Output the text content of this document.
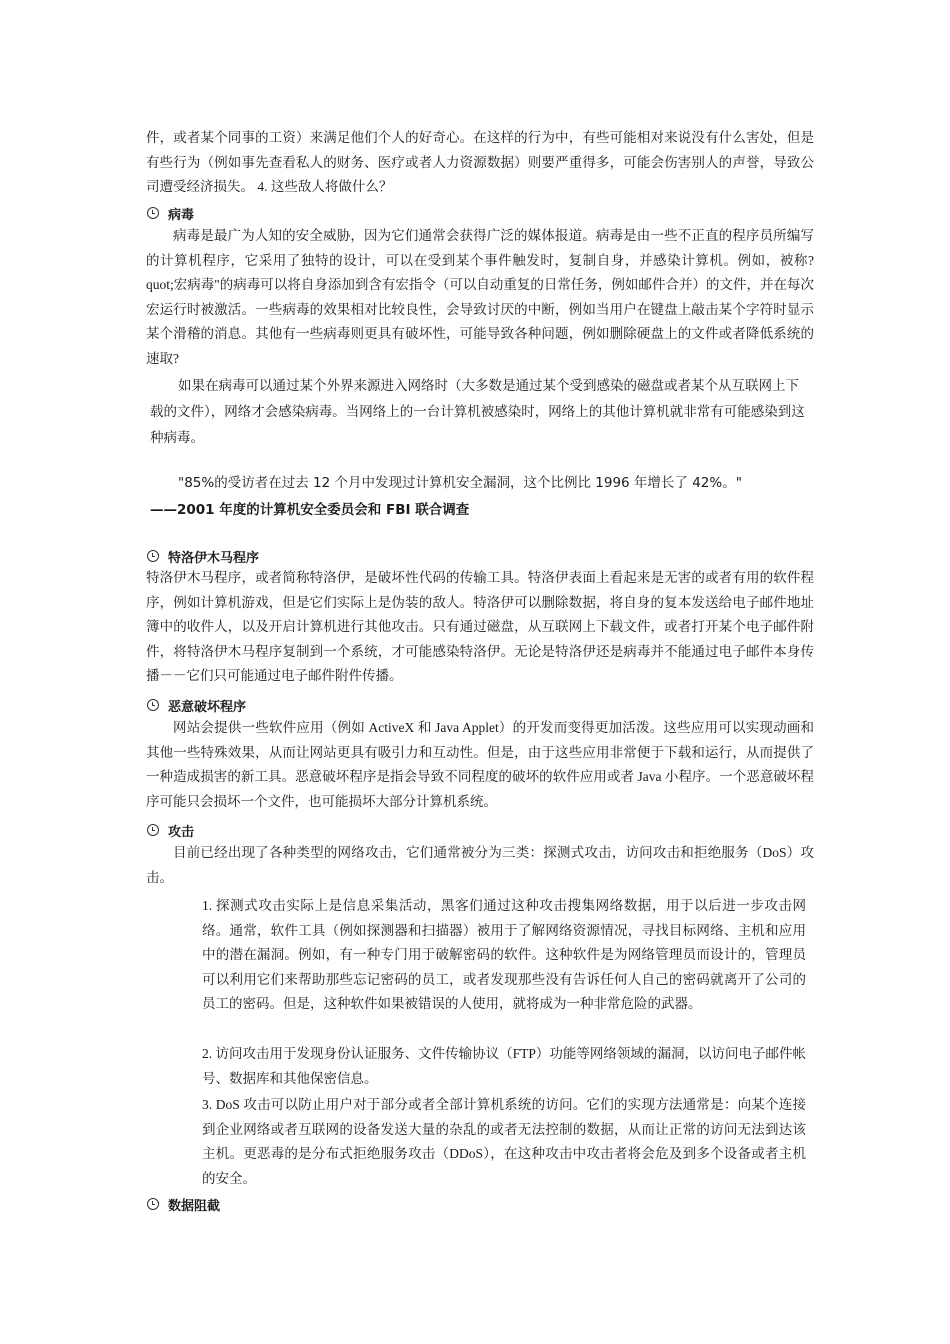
件，或者某个同事的工资）来满足他们个人的好奇心。在这样的行为中，有些可能相对来说没有什么害处，但是有些行为（例如事先查看私人的财务、医疗或者人力资源数据）则要严重得多，可能会伤害别人的声誉，导致公司遭受经济损失。 4. 这些敌人将做什么？

病毒

病毒是最广为人知的安全威胁，因为它们通常会获得广泛的媒体报道。病毒是由一些不正直的程序员所编写的计算机程序，它采用了独特的设计，可以在受到某个事件触发时，复制自身，并感染计算机。例如，被称?quot;宏病毒"的病毒可以将自身添加到含有宏指令（可以自动重复的日常任务，例如邮件合并）的文件，并在每次宏运行时被激活。一些病毒的效果相对比较良性，会导致讨厌的中断，例如当用户在键盘上敲击某个字符时显示某个滑稽的消息。其他有一些病毒则更具有破坏性，可能导致各种问题，例如删除硬盘上的文件或者降低系统的速取?

如果在病毒可以通过某个外界来源进入网络时（大多数是通过某个受到感染的磁盘或者某个从互联网上下载的文件），网络才会感染病毒。当网络上的一台计算机被感染时，网络上的其他计算机就非常有可能感染到这种病毒。

"85%的受访者在过去 12 个月中发现过计算机安全漏洞，这个比例比 1996 年增长了 42%。"

——2001 年度的计算机安全委员会和 FBI 联合调查

特洛伊木马程序

特洛伊木马程序，或者简称特洛伊，是破坏性代码的传输工具。特洛伊表面上看起来是无害的或者有用的软件程序，例如计算机游戏，但是它们实际上是伪装的敌人。特洛伊可以删除数据，将自身的复本发送给电子邮件地址簿中的收件人，以及开启计算机进行其他攻击。只有通过磁盘，从互联网上下载文件，或者打开某个电子邮件附件，将特洛伊木马程序复制到一个系统，才可能感染特洛伊。无论是特洛伊还是病毒并不能通过电子邮件本身传播－－它们只可能通过电子邮件附件传播。

恶意破坏程序

网站会提供一些软件应用（例如 ActiveX 和 Java Applet）的开发而变得更加活泼。这些应用可以实现动画和其他一些特殊效果，从而让网站更具有吸引力和互动性。但是，由于这些应用非常便于下载和运行，从而提供了一种造成损害的新工具。恶意破坏程序是指会导致不同程度的破坏的软件应用或者 Java 小程序。一个恶意破坏程序可能只会损坏一个文件，也可能损坏大部分计算机系统。

攻击

目前已经出现了各种类型的网络攻击，它们通常被分为三类：探测式攻击，访问攻击和拒绝服务（DoS）攻击。

1. 探测式攻击实际上是信息采集活动，黑客们通过这种攻击搜集网络数据，用于以后进一步攻击网络。通常，软件工具（例如探测器和扫描器）被用于了解网络资源情况，寻找目标网络、主机和应用中的潜在漏洞。例如，有一种专门用于破解密码的软件。这种软件是为网络管理员而设计的，管理员可以利用它们来帮助那些忘记密码的员工，或者发现那些没有告诉任何人自己的密码就离开了公司的员工的密码。但是，这种软件如果被错误的人使用，就将成为一种非常危险的武器。

2. 访问攻击用于发现身份认证服务、文件传输协议（FTP）功能等网络领域的漏洞，以访问电子邮件帐号、数据库和其他保密信息。

3. DoS 攻击可以防止用户对于部分或者全部计算机系统的访问。它们的实现方法通常是：向某个连接到企业网络或者互联网的设备发送大量的杂乱的或者无法控制的数据，从而让正常的访问无法到达该主机。更恶毒的是分布式拒绝服务攻击（DDoS），在这种攻击中攻击者将会危及到多个设备或者主机的安全。

数据阻截
